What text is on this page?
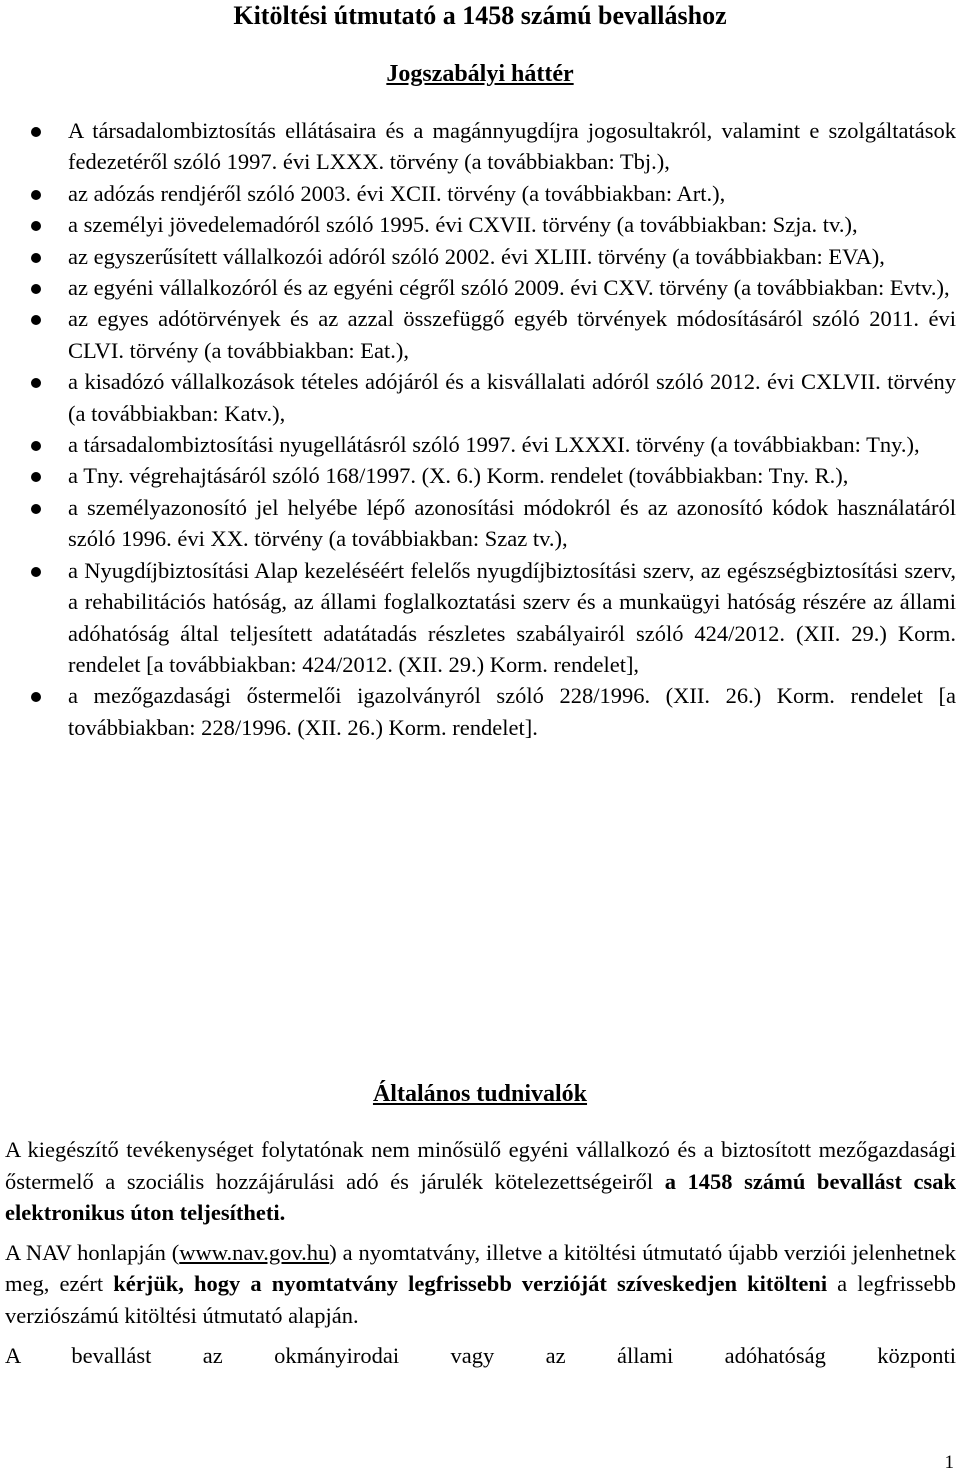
Kitöltési útmutató a 1458 számú bevalláshoz
Jogszabályi háttér
A társadalombiztosítás ellátásaira és a magánnyugdíjra jogosultakról, valamint e szolgáltatások fedezetéről szóló 1997. évi LXXX. törvény (a továbbiakban: Tbj.),
az adózás rendjéről szóló 2003. évi XCII. törvény (a továbbiakban: Art.),
a személyi jövedelemadóról szóló 1995. évi CXVII. törvény (a továbbiakban: Szja. tv.),
az egyszerűsített vállalkozói adóról szóló 2002. évi XLIII. törvény (a továbbiakban: EVA),
az egyéni vállalkozóról és az egyéni cégről szóló 2009. évi CXV. törvény (a továbbiakban: Evtv.),
az egyes adótörvények és az azzal összefüggő egyéb törvények módosításáról szóló 2011. évi CLVI. törvény (a továbbiakban: Eat.),
a kisadózó vállalkozások tételes adójáról és a kisvállalati adóról szóló 2012. évi CXLVII. törvény (a továbbiakban: Katv.),
a társadalombiztosítási nyugellátásról szóló 1997. évi LXXXI. törvény (a továbbiakban: Tny.),
a Tny. végrehajtásáról szóló 168/1997. (X. 6.) Korm. rendelet (továbbiakban: Tny. R.),
a személyazonosító jel helyébe lépő azonosítási módokról és az azonosító kódok használatáról szóló 1996. évi XX. törvény (a továbbiakban: Szaz tv.),
a Nyugdíjbiztosítási Alap kezeléséért felelős nyugdíjbiztosítási szerv, az egészségbiztosítási szerv, a rehabilitációs hatóság, az állami foglalkoztatási szerv és a munkaügyi hatóság részére az állami adóhatóság által teljesített adatátadás részletes szabályairól szóló 424/2012. (XII. 29.) Korm. rendelet [a továbbiakban: 424/2012. (XII. 29.) Korm. rendelet],
a mezőgazdasági őstermelői igazolványról szóló 228/1996. (XII. 26.) Korm. rendelet [a továbbiakban: 228/1996. (XII. 26.) Korm. rendelet].
Általános tudnivalók

A kiegészítő tevékenységet folytatónak nem minősülő egyéni vállalkozó és a biztosított mezőgazdasági őstermelő a szociális hozzájárulási adó és járulék kötelezettségeiről a 1458 számú bevallást csak elektronikus úton teljesítheti.

A NAV honlapján (www.nav.gov.hu) a nyomtatvány, illetve a kitöltési útmutató újabb verziói jelenhetnek meg, ezért kérjük, hogy a nyomtatvány legfrissebb verzióját szíveskedjen kitölteni a legfrissebb verziószámú kitöltési útmutató alapján.

A bevallást az okmányirodai vagy az állami adóhatóság központi

1
